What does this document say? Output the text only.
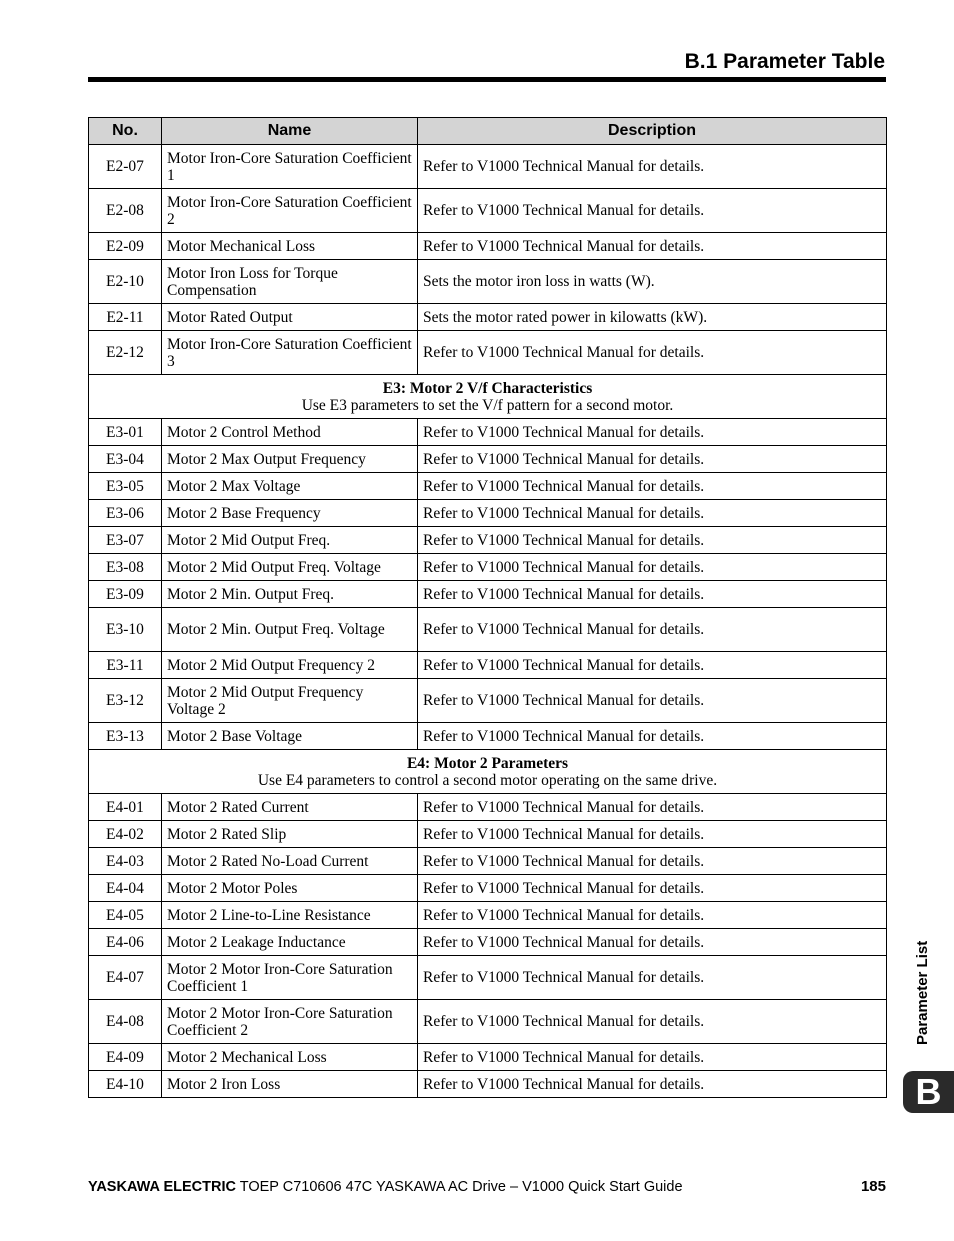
B.1 Parameter Table
No.	Name	Description
E2-07	Motor Iron-Core Saturation Coefficient 1	Refer to V1000 Technical Manual for details.
E2-08	Motor Iron-Core Saturation Coefficient 2	Refer to V1000 Technical Manual for details.
E2-09	Motor Mechanical Loss	Refer to V1000 Technical Manual for details.
E2-10	Motor Iron Loss for Torque Compensation	Sets the motor iron loss in watts (W).
E2-11	Motor Rated Output	Sets the motor rated power in kilowatts (kW).
E2-12	Motor Iron-Core Saturation Coefficient 3	Refer to V1000 Technical Manual for details.

E3: Motor 2 V/f Characteristics
Use E3 parameters to set the V/f pattern for a second motor.		

E3-01	Motor 2 Control Method	Refer to V1000 Technical Manual for details.
E3-04	Motor 2 Max Output Frequency	Refer to V1000 Technical Manual for details.
E3-05	Motor 2 Max Voltage	Refer to V1000 Technical Manual for details.
E3-06	Motor 2 Base Frequency	Refer to V1000 Technical Manual for details.
E3-07	Motor 2 Mid Output Freq.	Refer to V1000 Technical Manual for details.
E3-08	Motor 2 Mid Output Freq. Voltage	Refer to V1000 Technical Manual for details.
E3-09	Motor 2 Min. Output Freq.	Refer to V1000 Technical Manual for details.
E3-10	Motor 2 Min. Output Freq. Voltage	Refer to V1000 Technical Manual for details.
E3-11	Motor 2 Mid Output Frequency 2	Refer to V1000 Technical Manual for details.
E3-12	Motor 2 Mid Output Frequency Voltage 2	Refer to V1000 Technical Manual for details.
E3-13	Motor 2 Base Voltage	Refer to V1000 Technical Manual for details.

E4: Motor 2 Parameters
Use E4 parameters to control a second motor operating on the same drive.		

E4-01	Motor 2 Rated Current	Refer to V1000 Technical Manual for details.
E4-02	Motor 2 Rated Slip	Refer to V1000 Technical Manual for details.
E4-03	Motor 2 Rated No-Load Current	Refer to V1000 Technical Manual for details.
E4-04	Motor 2 Motor Poles	Refer to V1000 Technical Manual for details.
E4-05	Motor 2 Line-to-Line Resistance	Refer to V1000 Technical Manual for details.
E4-06	Motor 2 Leakage Inductance	Refer to V1000 Technical Manual for details.
E4-07	Motor 2 Motor Iron-Core Saturation Coefficient 1	Refer to V1000 Technical Manual for details.
E4-08	Motor 2 Motor Iron-Core Saturation Coefficient 2	Refer to V1000 Technical Manual for details.
E4-09	Motor 2 Mechanical Loss	Refer to V1000 Technical Manual for details.
E4-10	Motor 2 Iron Loss	Refer to V1000 Technical Manual for details.
Parameter List
B
YASKAWA ELECTRIC TOEP C710606 47C YASKAWA AC Drive – V1000 Quick Start Guide	185
